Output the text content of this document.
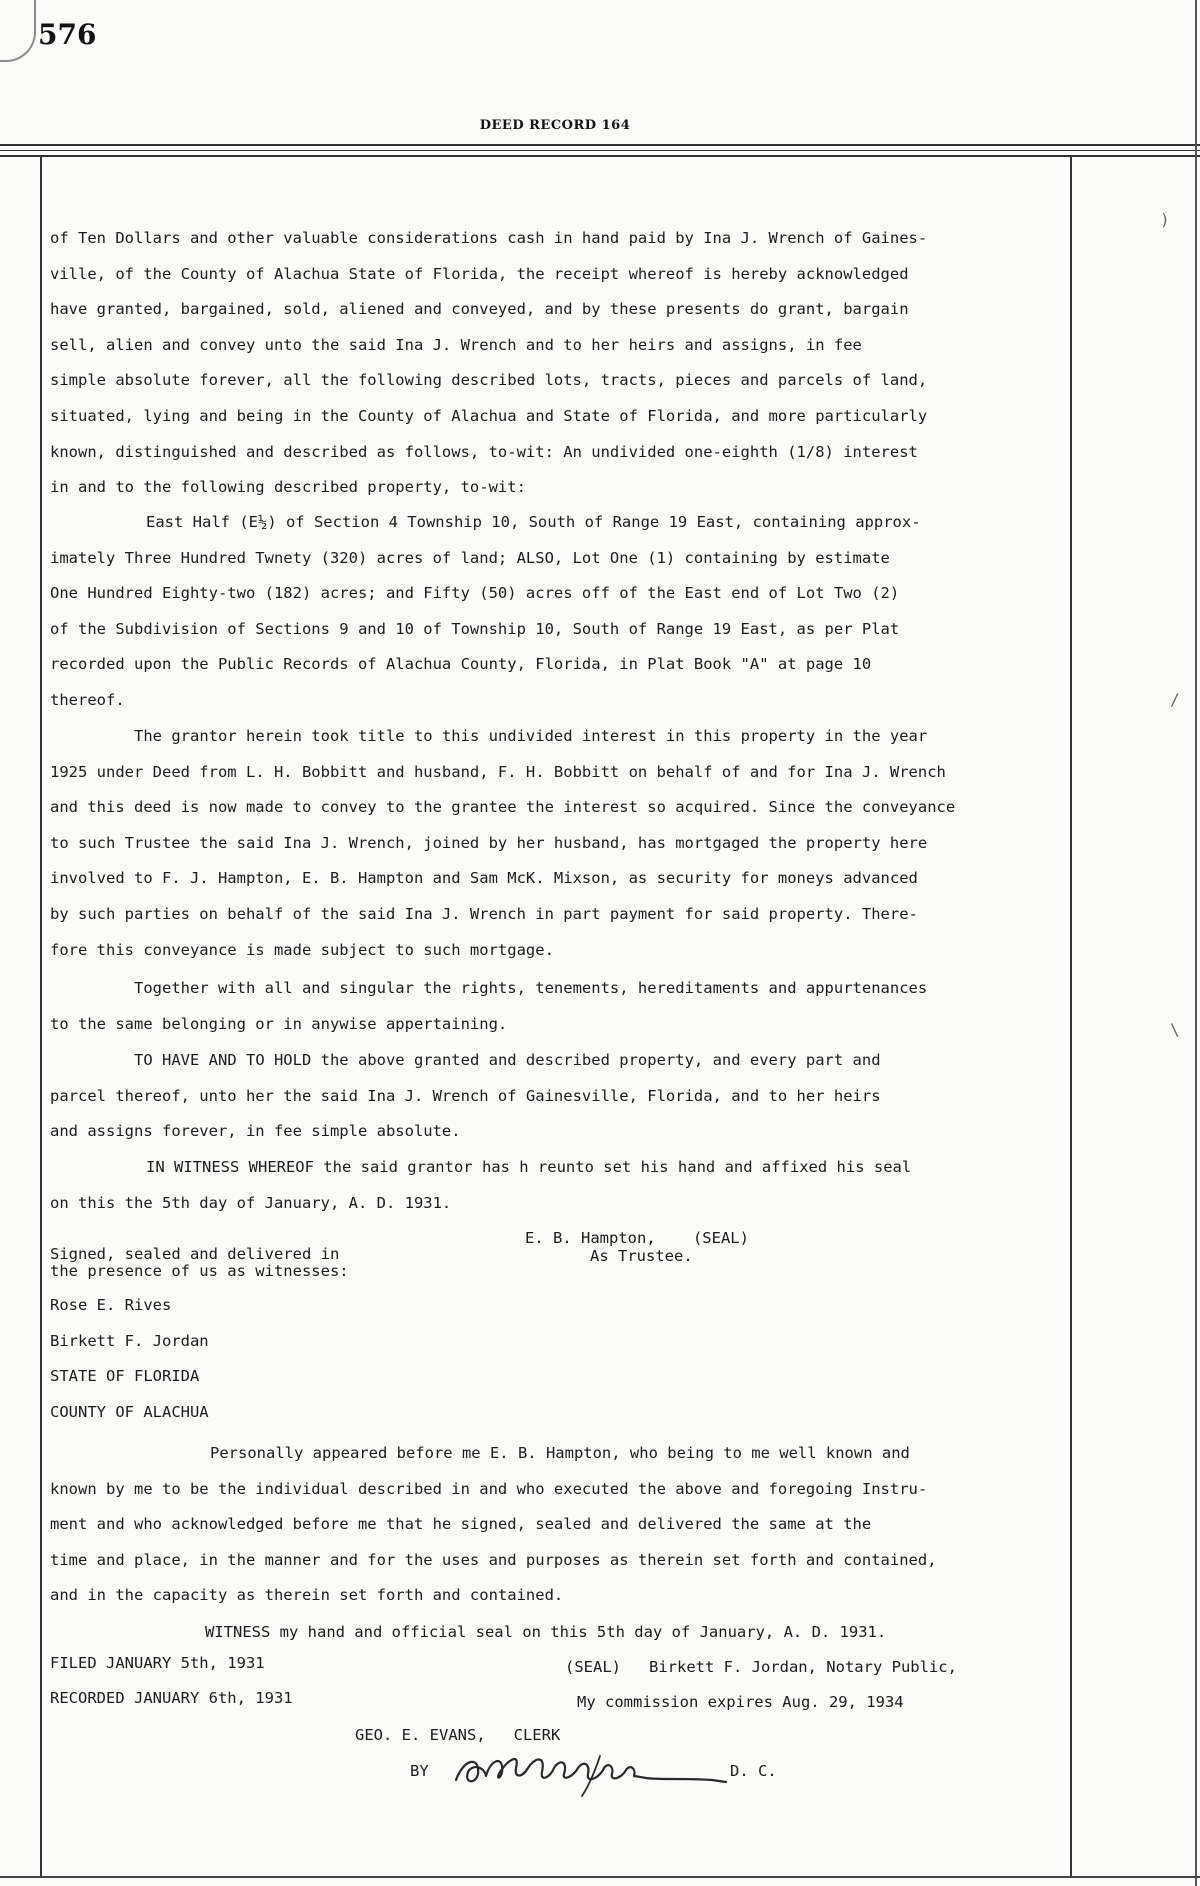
576
DEED RECORD 164
)
/
\
of Ten Dollars and other valuable considerations cash in hand paid by Ina J. Wrench of Gaines-
ville, of the County of Alachua State of Florida, the receipt whereof is hereby acknowledged
have granted, bargained, sold, aliened and conveyed, and by these presents do grant, bargain
sell, alien and convey unto the said Ina J. Wrench and to her heirs and assigns, in fee
simple absolute forever, all the following described lots, tracts, pieces and parcels of land,
situated, lying and being in the County of Alachua and State of Florida, and more particularly
known, distinguished and described as follows, to-wit: An undivided one-eighth (1/8) interest
in and to the following described property, to-wit:
East Half (E½) of Section 4 Township 10, South of Range 19 East, containing approx-
imately Three Hundred Twnety (320) acres of land; ALSO, Lot One (1) containing by estimate
One Hundred Eighty-two (182) acres; and Fifty (50) acres off of the East end of Lot Two (2)
of the Subdivision of Sections 9 and 10 of Township 10, South of Range 19 East, as per Plat
recorded upon the Public Records of Alachua County, Florida, in Plat Book "A" at page 10
thereof.
The grantor herein took title to this undivided interest in this property in the year
1925 under Deed from L. H. Bobbitt and husband, F. H. Bobbitt on behalf of and for Ina J. Wrench
and this deed is now made to convey to the grantee the interest so acquired. Since the conveyance
to such Trustee the said Ina J. Wrench, joined by her husband, has mortgaged the property here
involved to F. J. Hampton, E. B. Hampton and Sam McK. Mixson, as security for moneys advanced
by such parties on behalf of the said Ina J. Wrench in part payment for said property. There-
fore this conveyance is made subject to such mortgage.
Together with all and singular the rights, tenements, hereditaments and appurtenances
to the same belonging or in anywise appertaining.
TO HAVE AND TO HOLD the above granted and described property, and every part and
parcel thereof, unto her the said Ina J. Wrench of Gainesville, Florida, and to her heirs
and assigns forever, in fee simple absolute.
IN WITNESS WHEREOF the said grantor has h reunto set his hand and affixed his seal
on this the 5th day of January, A. D. 1931.
E. B. Hampton,    (SEAL)
As Trustee.
Signed, sealed and delivered in
the presence of us as witnesses:
Rose E. Rives
Birkett F. Jordan
STATE OF FLORIDA
COUNTY OF ALACHUA
Personally appeared before me E. B. Hampton, who being to me well known and
known by me to be the individual described in and who executed the above and foregoing Instru-
ment and who acknowledged before me that he signed, sealed and delivered the same at the
time and place, in the manner and for the uses and purposes as therein set forth and contained,
and in the capacity as therein set forth and contained.
WITNESS my hand and official seal on this 5th day of January, A. D. 1931.
FILED JANUARY 5th, 1931	(SEAL)   Birkett F. Jordan, Notary Public,
RECORDED JANUARY 6th, 1931	My commission expires Aug. 29, 1934
GEO. E. EVANS,   CLERK
BY	D. C.
